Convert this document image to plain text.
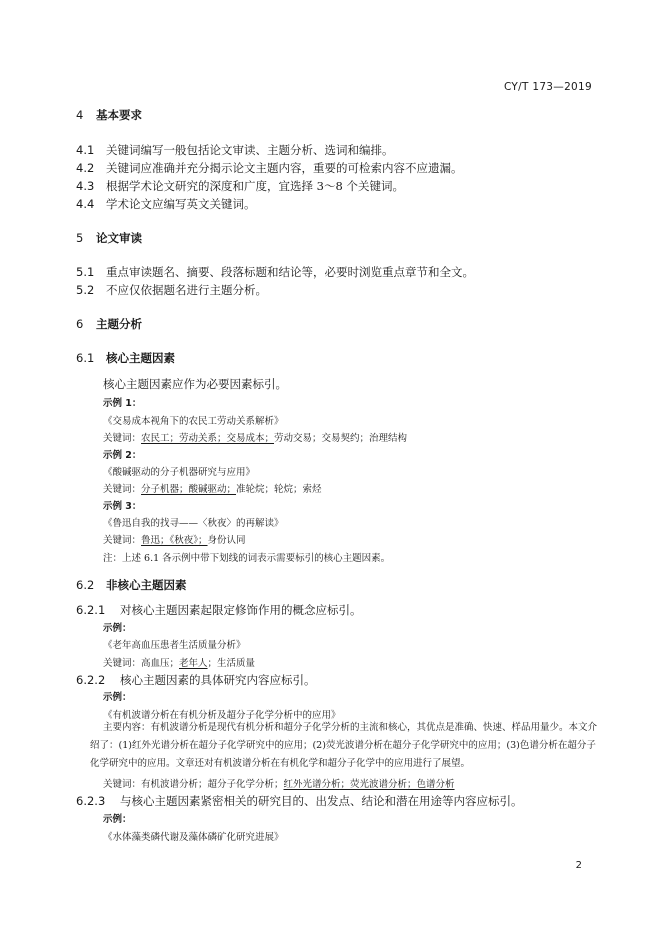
CY/T 173—2019
4 基本要求
4.1 关键词编写一般包括论文审读、主题分析、选词和编排。
4.2 关键词应准确并充分揭示论文主题内容，重要的可检索内容不应遗漏。
4.3 根据学术论文研究的深度和广度，宜选择 3～8 个关键词。
4.4 学术论文应编写英文关键词。
5 论文审读
5.1 重点审读题名、摘要、段落标题和结论等，必要时浏览重点章节和全文。
5.2 不应仅依据题名进行主题分析。
6 主题分析
6.1 核心主题因素
核心主题因素应作为必要因素标引。
示例 1：
《交易成本视角下的农民工劳动关系解析》
关键词：农民工；劳动关系；交易成本；劳动交易；交易契约；治理结构
示例 2：
《酸碱驱动的分子机器研究与应用》
关键词：分子机器；酸碱驱动；准轮烷；轮烷；索烃
示例 3：
《鲁迅自我的找寻——〈秋夜〉的再解读》
关键词：鲁迅；《秋夜》；身份认同
注：上述 6.1 各示例中带下划线的词表示需要标引的核心主题因素。
6.2 非核心主题因素
6.2.1 对核心主题因素起限定修饰作用的概念应标引。
示例：
《老年高血压患者生活质量分析》
关键词：高血压；老年人；生活质量
6.2.2 核心主题因素的具体研究内容应标引。
示例：
《有机波谱分析在有机分析及超分子化学分析中的应用》
主要内容：有机波谱分析是现代有机分析和超分子化学分析的主流和核心，其优点是准确、快速、样品用量少。本文介绍了：(1)红外光谱分析在超分子化学研究中的应用；(2)荧光波谱分析在超分子化学研究中的应用；(3)色谱分析在超分子化学研究中的应用。文章还对有机波谱分析在有机化学和超分子化学中的应用进行了展望。
关键词：有机波谱分析；超分子化学分析；红外光谱分析；荧光波谱分析；色谱分析
6.2.3 与核心主题因素紧密相关的研究目的、出发点、结论和潜在用途等内容应标引。
示例：
《水体藻类磷代谢及藻体磷矿化研究进展》
2
